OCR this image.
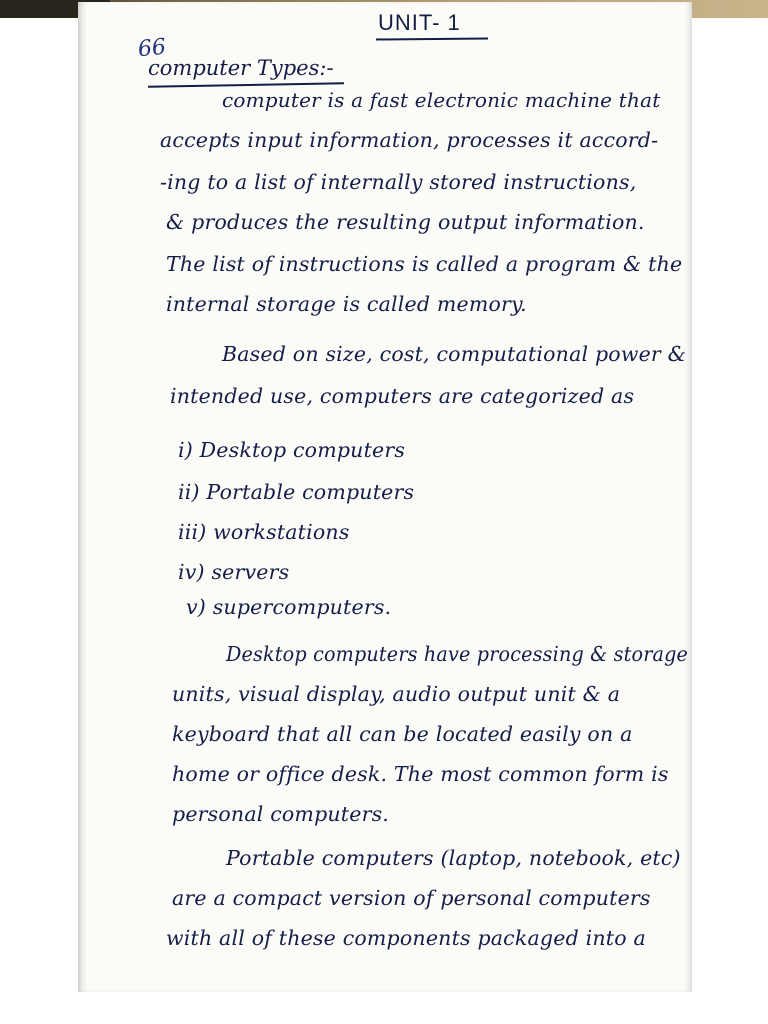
UNIT- 1
66
computer Types:-
computer is a fast electronic machine that
accepts input information, processes it accord-
-ing to a list of internally stored instructions,
& produces the resulting output information.
The list of instructions is called a program & the
internal storage is called memory.
Based on size, cost, computational power &
intended use, computers are categorized as
i) Desktop computers
ii) Portable computers
iii) workstations
iv) servers
v) supercomputers.
Desktop computers have processing & storage
units, visual display, audio output unit & a
keyboard that all can be located easily on a
home or office desk. The most common form is
personal computers.
Portable computers (laptop, notebook, etc)
are a compact version of personal computers
with all of these components packaged into a
